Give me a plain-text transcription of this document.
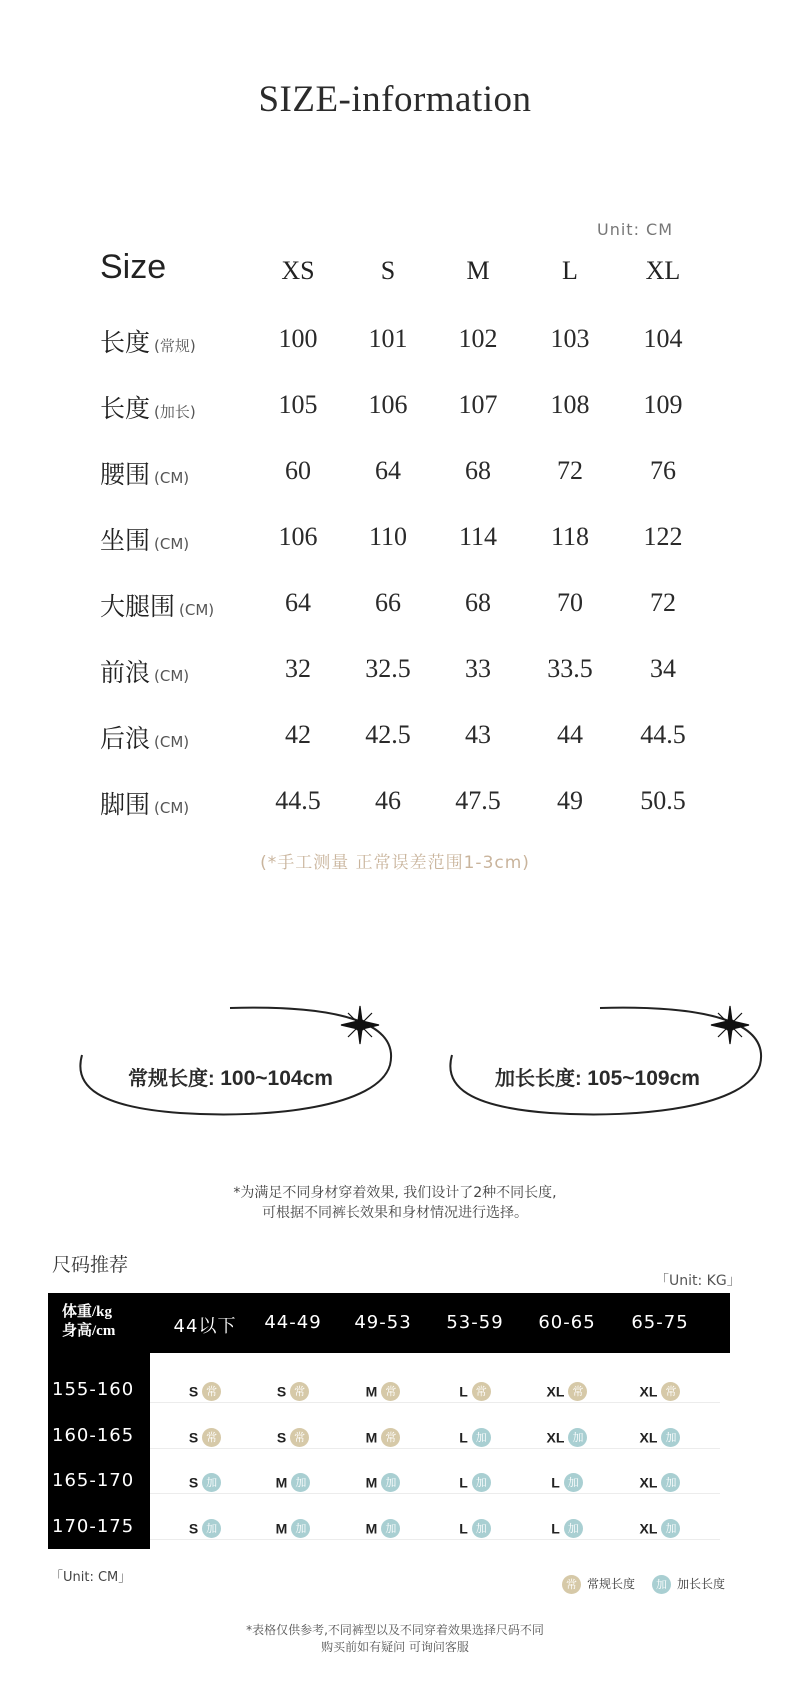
SIZE-information
Unit: CM
Size	XS	S	M	L	XL
长度 (常规)	100	101	102	103	104
长度 (加长)	105	106	107	108	109
腰围 (CM)	60	64	68	72	76
坐围 (CM)	106	110	114	118	122
大腿围 (CM)	64	66	68	70	72
前浪 (CM)	32	32.5	33	33.5	34
后浪 (CM)	42	42.5	43	44	44.5
脚围 (CM)	44.5	46	47.5	49	50.5
(*手工测量 正常误差范围1-3cm)
常规长度: 100~104cm	加长长度: 105~109cm
*为满足不同身材穿着效果, 我们设计了2种不同长度,
可根据不同裤长效果和身材情况进行选择。
尺码推荐
「Unit: KG」
体重/kg
身高/cm	44以下	44-49	49-53	53-59	60-65	65-75
155-160	S 常	S 常	M 常	L 常	XL 常	XL 常
160-165	S 常	S 常	M 常	L 加	XL 加	XL 加
165-170	S 加	M 加	M 加	L 加	L 加	XL 加
170-175	S 加	M 加	M 加	L 加	L 加	XL 加
「Unit: CM」	常 常规长度	加 加长长度
*表格仅供参考,不同裤型以及不同穿着效果选择尺码不同
购买前如有疑问 可询问客服
